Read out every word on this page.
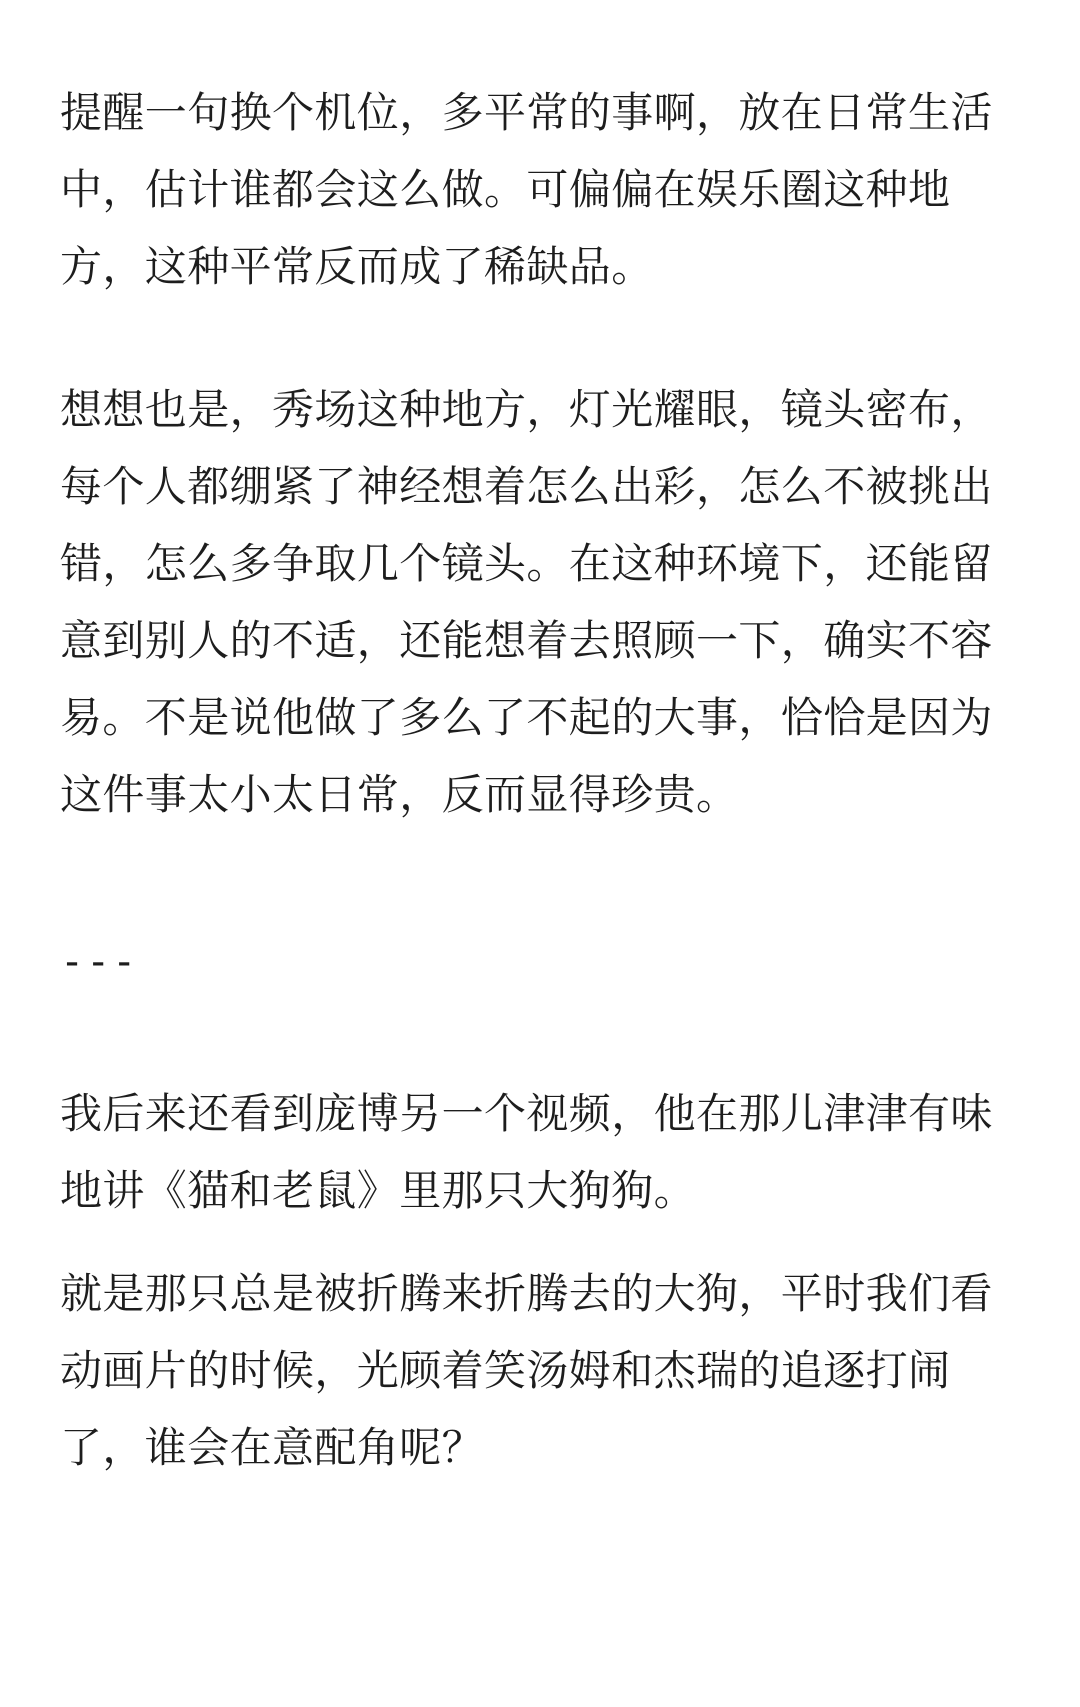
提醒一句换个机位，多平常的事啊，放在日常生活中，估计谁都会这么做。可偏偏在娱乐圈这种地方，这种平常反而成了稀缺品。

想想也是，秀场这种地方，灯光耀眼，镜头密布，每个人都绷紧了神经想着怎么出彩，怎么不被挑出错，怎么多争取几个镜头。在这种环境下，还能留意到别人的不适，还能想着去照顾一下，确实不容易。不是说他做了多么了不起的大事，恰恰是因为这件事太小太日常，反而显得珍贵。

---

我后来还看到庞博另一个视频，他在那儿津津有味地讲《猫和老鼠》里那只大狗狗。

就是那只总是被折腾来折腾去的大狗，平时我们看动画片的时候，光顾着笑汤姆和杰瑞的追逐打闹了，谁会在意配角呢？
